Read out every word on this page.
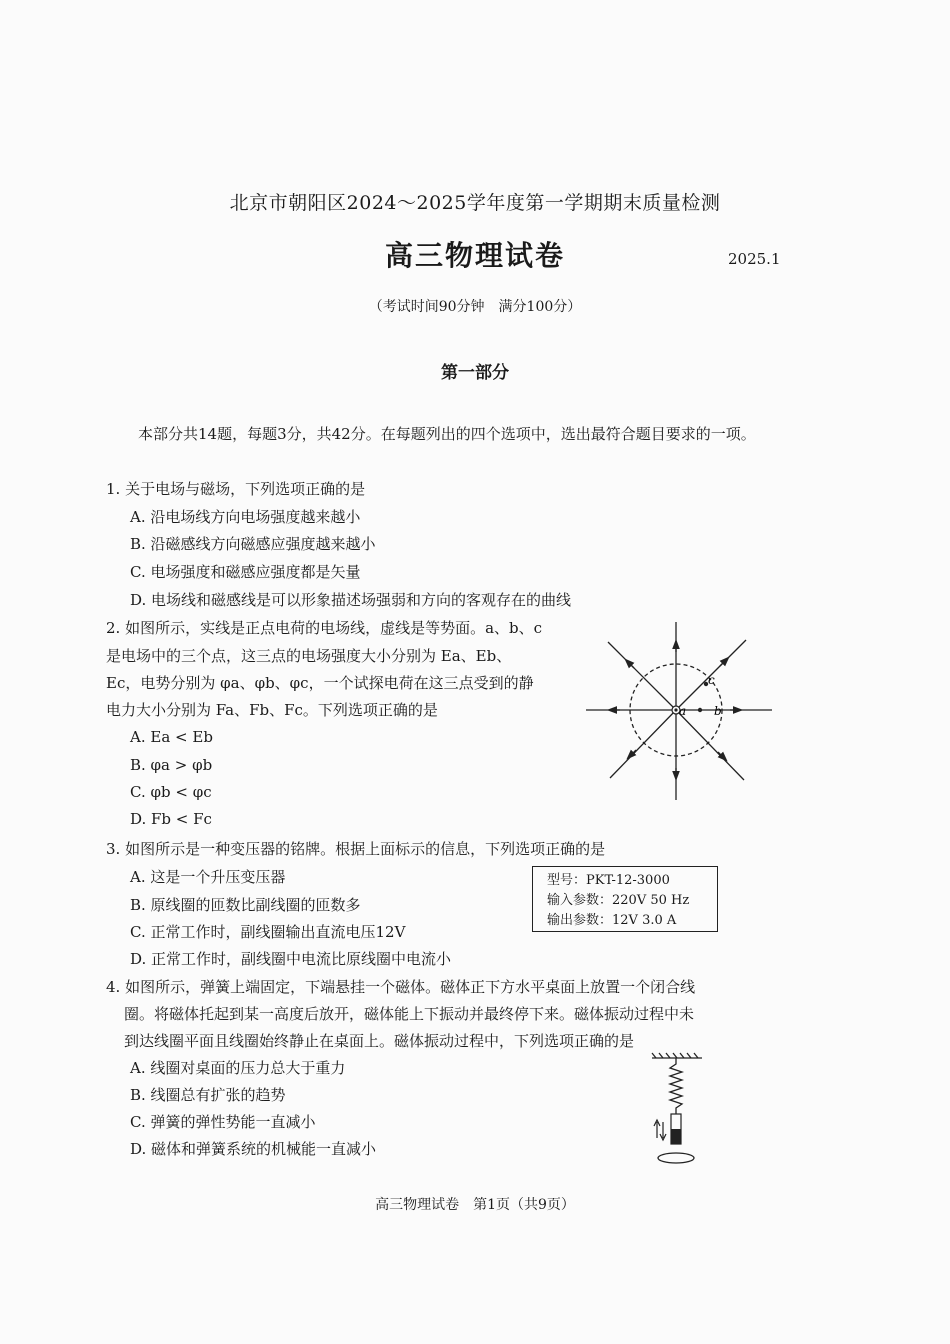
北京市朝阳区2024～2025学年度第一学期期末质量检测
高三物理试卷	2025.1
（考试时间90分钟　满分100分）
第一部分
本部分共14题，每题3分，共42分。在每题列出的四个选项中，选出最符合题目要求的一项。
1. 关于电场与磁场，下列选项正确的是
A. 沿电场线方向电场强度越来越小
B. 沿磁感线方向磁感应强度越来越小
C. 电场强度和磁感应强度都是矢量
D. 电场线和磁感线是可以形象描述场强弱和方向的客观存在的曲线
2. 如图所示，实线是正点电荷的电场线，虚线是等势面。a、b、c
是电场中的三个点，这三点的电场强度大小分别为 Ea、Eb、
Ec，电势分别为 φa、φb、φc，一个试探电荷在这三点受到的静
电力大小分别为 Fa、Fb、Fc。下列选项正确的是
A. Ea < Eb
B. φa > φb
C. φb < φc
D. Fb < Fc
a b
c
3. 如图所示是一种变压器的铭牌。根据上面标示的信息，下列选项正确的是
A. 这是一个升压变压器
B. 原线圈的匝数比副线圈的匝数多
C. 正常工作时，副线圈输出直流电压12V
D. 正常工作时，副线圈中电流比原线圈中电流小
型号：PKT-12-3000
输入参数：220V 50 Hz
输出参数：12V 3.0 A
4. 如图所示，弹簧上端固定，下端悬挂一个磁体。磁体正下方水平桌面上放置一个闭合线
圈。将磁体托起到某一高度后放开，磁体能上下振动并最终停下来。磁体振动过程中未
到达线圈平面且线圈始终静止在桌面上。磁体振动过程中，下列选项正确的是
A. 线圈对桌面的压力总大于重力
B. 线圈总有扩张的趋势
C. 弹簧的弹性势能一直减小
D. 磁体和弹簧系统的机械能一直减小
高三物理试卷　第1页（共9页）
